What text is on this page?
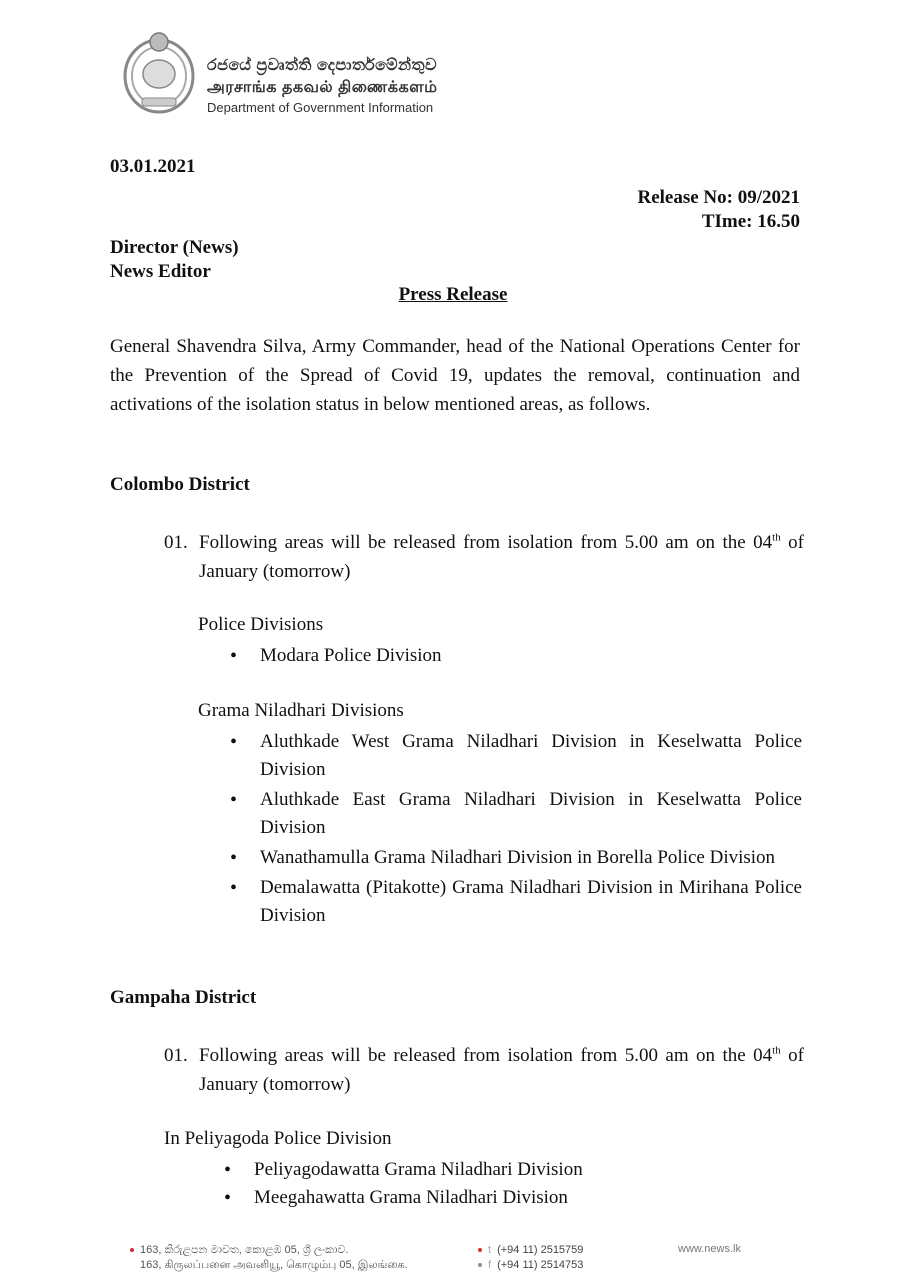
රජයේ ප්‍රවෘත්ති දෙපාර්තමේන්තුව
அரசாங்க தகவல் திணைக்களம்
Department of Government Information
03.01.2021
Release No: 09/2021
TIme: 16.50
Director (News)
News Editor
Press Release
General Shavendra Silva, Army Commander, head of the National Operations Center for the Prevention of the Spread of Covid 19, updates the removal, continuation and activations of the isolation status in below mentioned areas, as follows.
Colombo District
01. Following areas will be released from isolation from 5.00 am on the 04th of January (tomorrow)
Police Divisions
• Modara Police Division
Grama Niladhari Divisions
• Aluthkade West Grama Niladhari Division in Keselwatta Police Division
• Aluthkade East Grama Niladhari Division in Keselwatta Police Division
• Wanathamulla Grama Niladhari Division in Borella Police Division
• Demalawatta (Pitakotte) Grama Niladhari Division in Mirihana Police Division
Gampaha District
01. Following areas will be released from isolation from 5.00 am on the 04th of January (tomorrow)
In Peliyagoda Police Division
• Peliyagodawatta Grama Niladhari Division
• Meegahawatta Grama Niladhari Division
163, කිරුළපන මාවත, කොළඹ 05, ශ්‍රී ලංකාව.
163, கிருலப்பனை அவனியூ, கொழும்பு 05, இலங்கை.
t (+94 11) 2515759
f (+94 11) 2514753
www.news.lk
